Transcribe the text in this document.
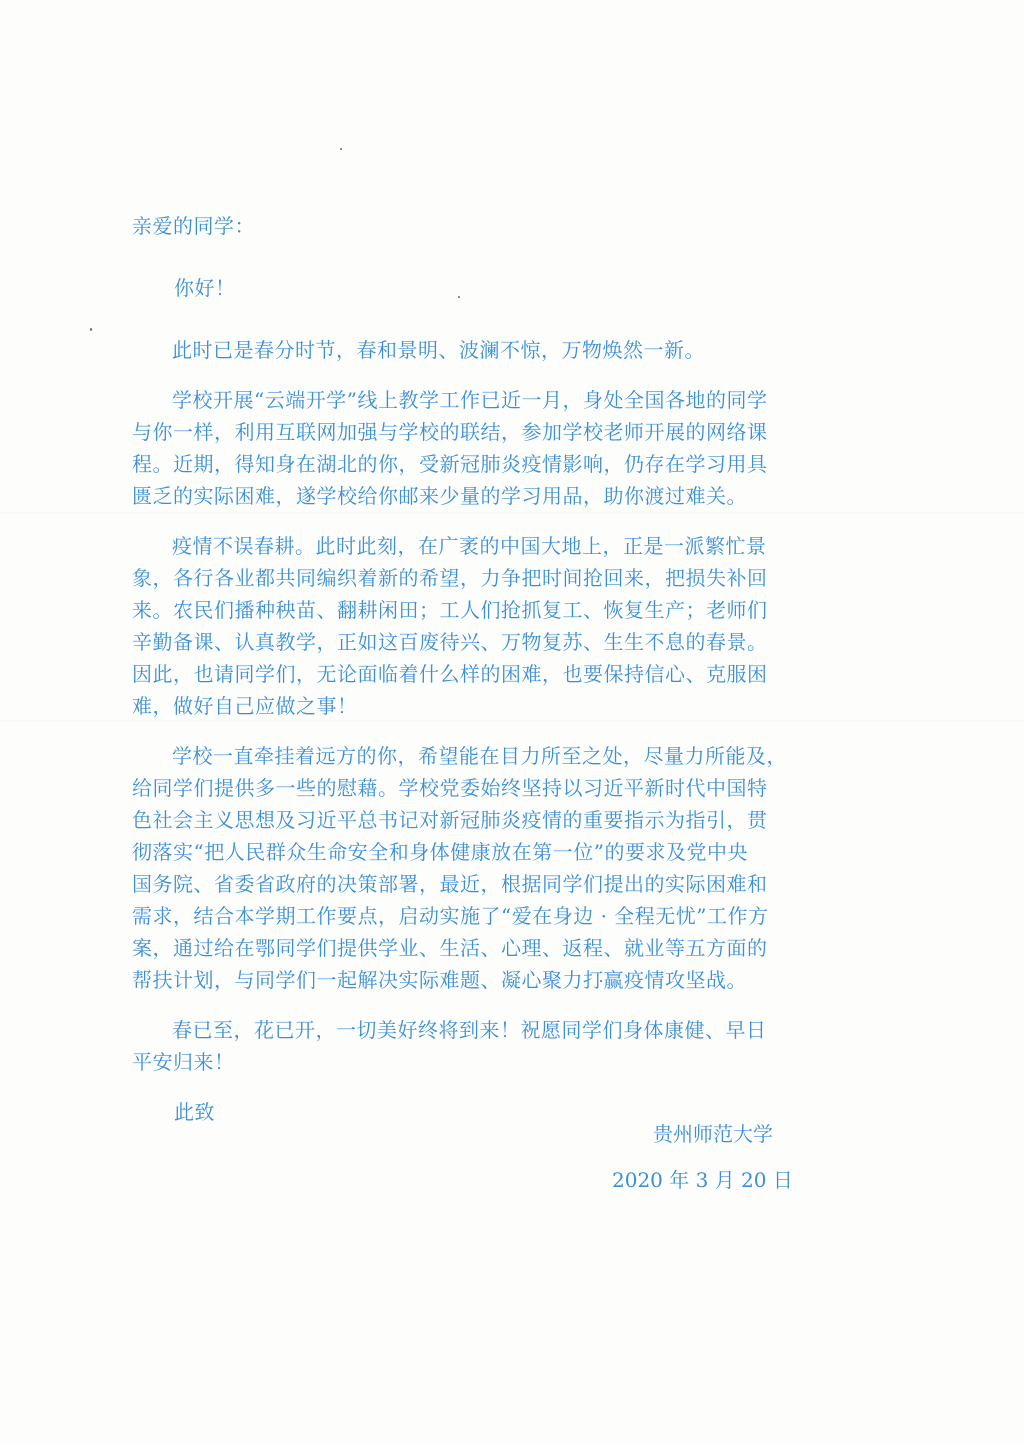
亲爱的同学：
你好！
此时已是春分时节，春和景明、波澜不惊，万物焕然一新。
学校开展“云端开学”线上教学工作已近一月，身处全国各地的同学
与你一样，利用互联网加强与学校的联结，参加学校老师开展的网络课
程。近期，得知身在湖北的你，受新冠肺炎疫情影响，仍存在学习用具
匮乏的实际困难，遂学校给你邮来少量的学习用品，助你渡过难关。
疫情不误春耕。此时此刻，在广袤的中国大地上，正是一派繁忙景
象，各行各业都共同编织着新的希望，力争把时间抢回来，把损失补回
来。农民们播种秧苗、翻耕闲田；工人们抢抓复工、恢复生产；老师们
辛勤备课、认真教学，正如这百废待兴、万物复苏、生生不息的春景。
因此，也请同学们，无论面临着什么样的困难，也要保持信心、克服困
难，做好自己应做之事！
学校一直牵挂着远方的你，希望能在目力所至之处，尽量力所能及，
给同学们提供多一些的慰藉。学校党委始终坚持以习近平新时代中国特
色社会主义思想及习近平总书记对新冠肺炎疫情的重要指示为指引，贯
彻落实“把人民群众生命安全和身体健康放在第一位”的要求及党中央
国务院、省委省政府的决策部署，最近，根据同学们提出的实际困难和
需求，结合本学期工作要点，启动实施了“爱在身边 · 全程无忧”工作方
案，通过给在鄂同学们提供学业、生活、心理、返程、就业等五方面的
帮扶计划，与同学们一起解决实际难题、凝心聚力打赢疫情攻坚战。
春已至，花已开，一切美好终将到来！祝愿同学们身体康健、早日
平安归来！
此致
贵州师范大学
2020 年 3 月 20 日
